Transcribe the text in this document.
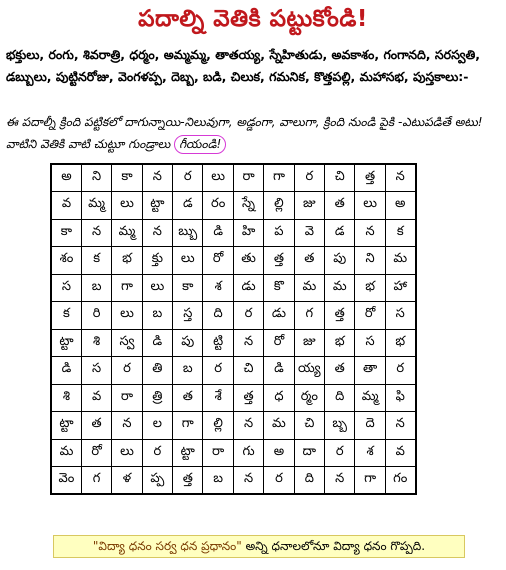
పదాల్ని వెతికి పట్టుకోండి!
భక్తులు, రంగు, శివరాత్రి, ధర్మం, అమ్మమ్మ, తాతయ్య, స్నేహితుడు, అవకాశం, గంగానది, సరస్వతి,
డబ్బులు, పుట్టినరోజు, వెంగళప్ప, దెబ్బ, బడి, చిలుక, గమనిక, కొత్తపల్లి, మహాసభ, పుస్తకాలు:-
ఈ పదాల్నీ క్రింది పట్టికలో దాగున్నాయి-నిలువుగా, అడ్డంగా, వాలుగా, క్రింది నుండి పైకి -ఎటుపడితే అటు! వాటిని వెతికి వాటి చుట్టూ గుండ్రాలు గీయండి!
అ	ని	కా	న	ర	లు	రా	గా	ర	చి	త్త	న
వ	మ్మ	లు	ట్టా	డ	రం	స్నే	ల్లి	జు	త	లు	అ
కా	న	మ్మ	న	బ్బు	డి	హి	ప	వె	డ	న	క
శం	క	భ	క్తు	లు	రో	తు	త్త	త	పు	ని	మ
స	బ	గా	లు	కా	శ	డు	కొ	మ	మ	భ	హా
క	రి	లు	బ	స్త	ది	ర	డు	గ	త్త	రో	స
ట్టా	శి	స్వ	డి	పు	ట్టి	న	రో	జు	భ	స	భ
డి	స	ర	తి	బ	ర	చి	డి	య్య	త	తా	ర
శి	వ	రా	త్రి	త	శే	త్త	ధ	ర్మం	ది	మ్మ	ఫి
ట్టా	త	న	ల	గా	ల్లి	న	మ	చి	బ్బ	దె	న
మ	రో	లు	ర	ట్టా	రా	గు	అ	దా	ర	శ	వ
వెం	గ	ళ	ప్ప	త్త	బ	న	ర	ది	న	గా	గం
"విద్యా ధనం సర్వ ధన ప్రధానం" అన్ని ధనాలలోనూ విద్యా ధనం గొప్పది.
